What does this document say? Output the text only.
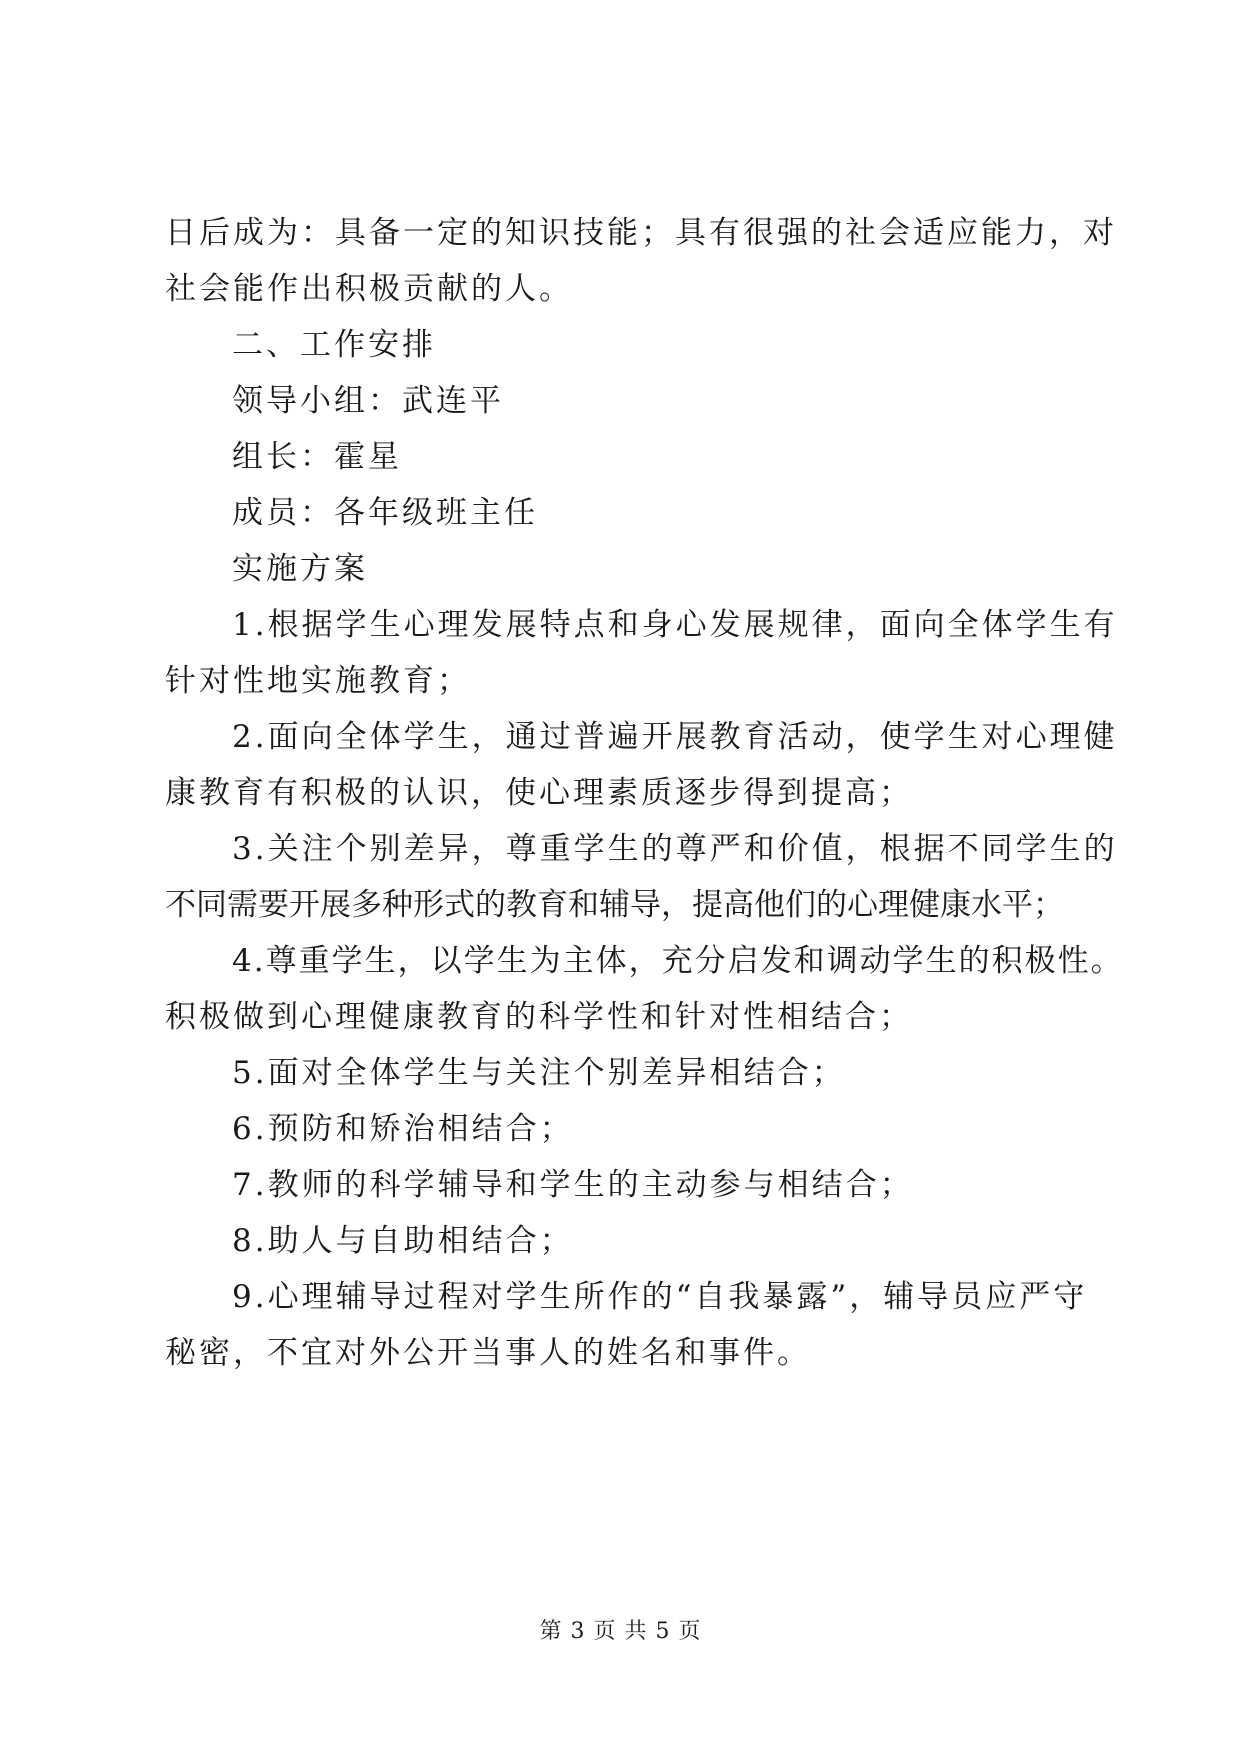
日后成为：具备一定的知识技能；具有很强的社会适应能力，对
社会能作出积极贡献的人。
二、工作安排
领导小组：武连平
组长：霍星
成员：各年级班主任
实施方案
1.根据学生心理发展特点和身心发展规律，面向全体学生有
针对性地实施教育；
2.面向全体学生，通过普遍开展教育活动，使学生对心理健
康教育有积极的认识，使心理素质逐步得到提高；
3.关注个别差异，尊重学生的尊严和价值，根据不同学生的
不同需要开展多种形式的教育和辅导，提高他们的心理健康水平；
4.尊重学生，以学生为主体，充分启发和调动学生的积极性。
积极做到心理健康教育的科学性和针对性相结合；
5.面对全体学生与关注个别差异相结合；
6.预防和矫治相结合；
7.教师的科学辅导和学生的主动参与相结合；
8.助人与自助相结合；
9.心理辅导过程对学生所作的“自我暴露”，辅导员应严守
秘密，不宜对外公开当事人的姓名和事件。
第 3 页 共 5 页
